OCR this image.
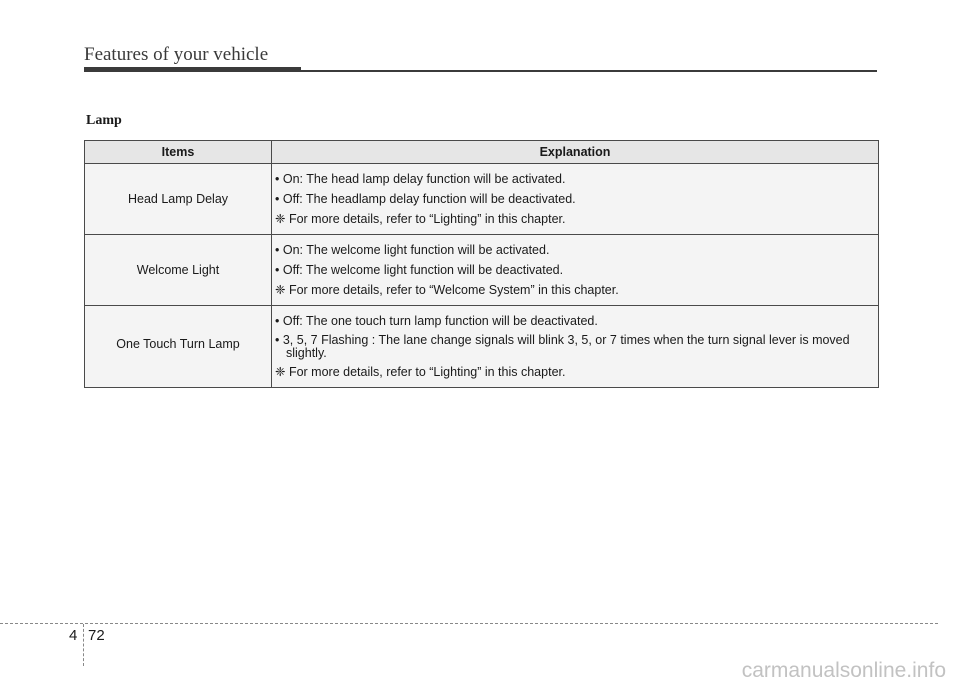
Features of your vehicle
Lamp
Items	Explanation
Head Lamp Delay	• On: The head lamp delay function will be activated.
• Off: The headlamp delay function will be deactivated.
❈ For more details, refer to “Lighting” in this chapter.

Welcome Light	• On: The welcome light function will be activated.
• Off: The welcome light function will be deactivated.
❈ For more details, refer to “Welcome System” in this chapter.

One Touch Turn Lamp	• Off: The one touch turn lamp function will be deactivated.
• 3, 5, 7 Flashing : The lane change signals will blink 3, 5, or 7 times when the turn signal lever is moved slightly.
❈ For more details, refer to “Lighting” in this chapter.
4 72
carmanualsonline.info
